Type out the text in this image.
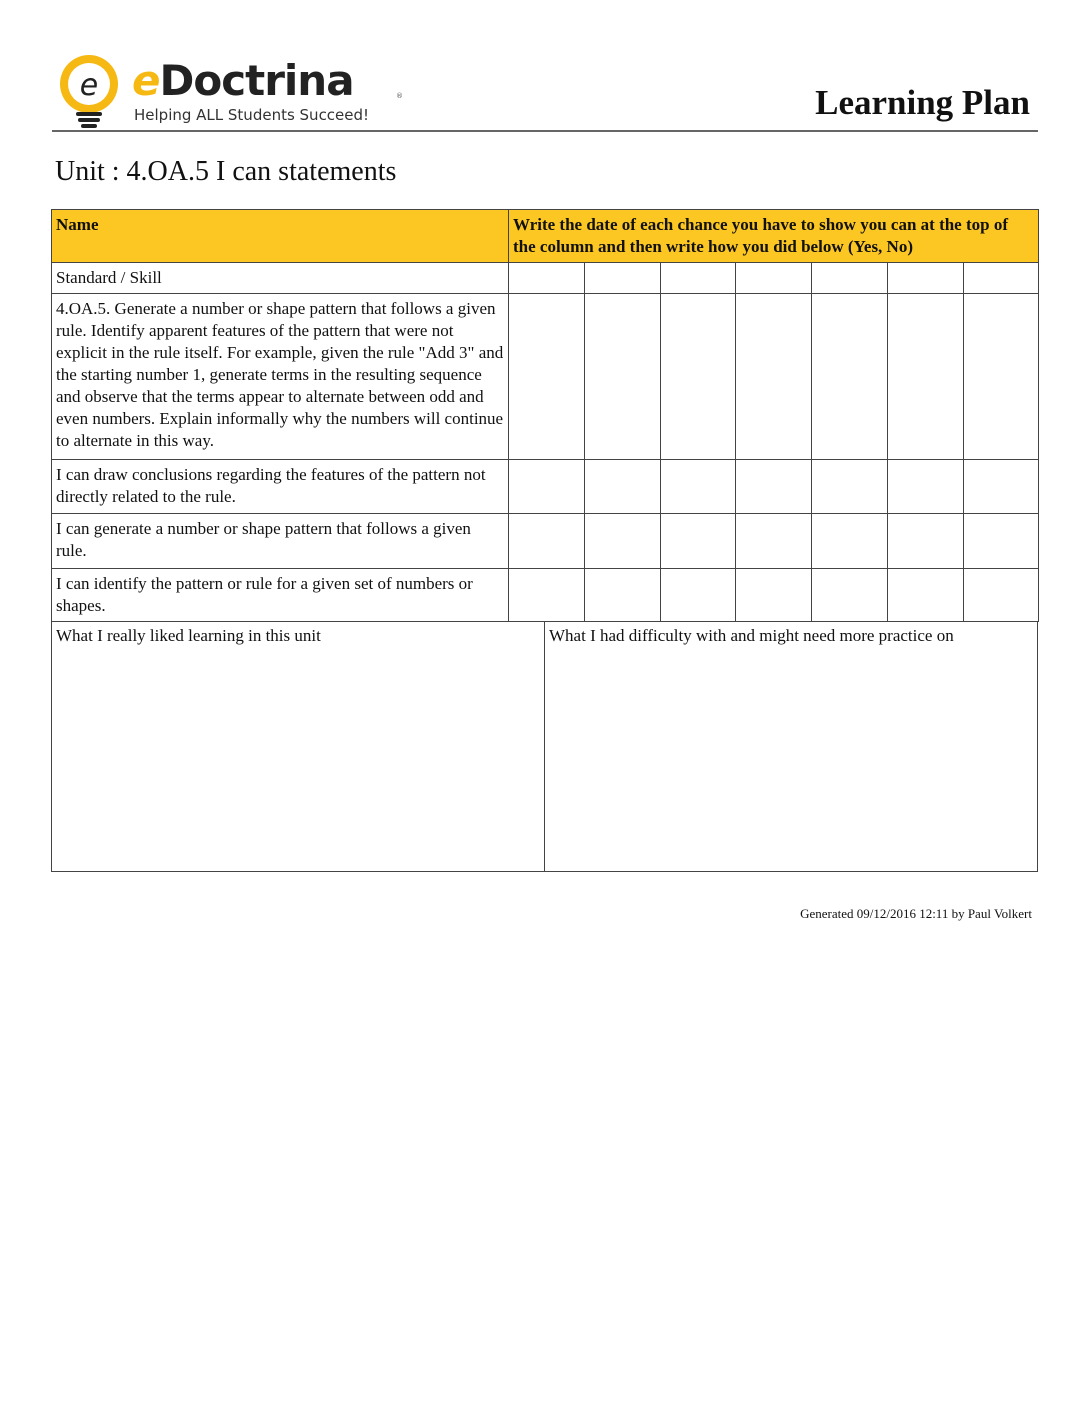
e eDoctrina	®
Helping ALL Students Succeed!	Learning Plan
Unit : 4.OA.5 I can statements
Name	Write the date of each chance you have to show you can at the top of the column and then write how you did below (Yes, No)						
Standard / Skill							
4.OA.5. Generate a number or shape pattern that follows a given rule. Identify apparent features of the pattern that were not explicit in the rule itself. For example, given the rule "Add 3" and the starting number 1, generate terms in the resulting sequence and observe that the terms appear to alternate between odd and even numbers. Explain informally why the numbers will continue to alternate in this way.							
I can draw conclusions regarding the features of the pattern not directly related to the rule.							
I can generate a number or shape pattern that follows a given rule.							
I can identify the pattern or rule for a given set of numbers or shapes.							
What I really liked learning in this unit	What I had difficulty with and might need more practice on
Generated 09/12/2016 12:11 by Paul Volkert
